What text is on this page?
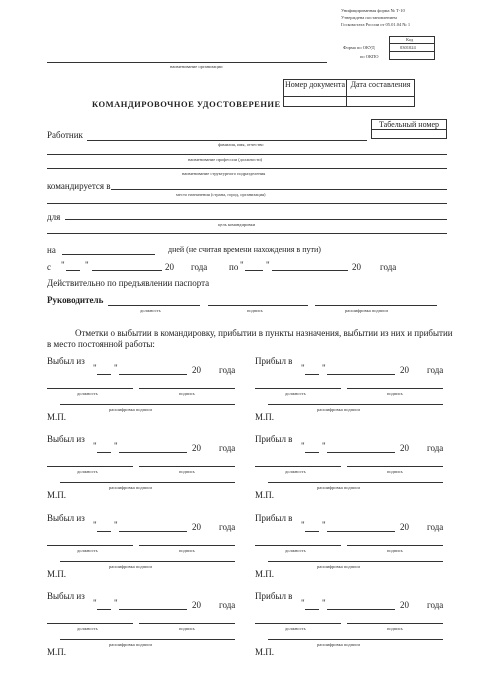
Унифицированная форма № Т-10
Утверждена постановлением
Госкомстата России от 05.01.04 № 1
Код
Форма по ОКУД	0301024
по ОКПО
наименование организации
Номер документа Дата составления
КОМАНДИРОВОЧНОЕ УДОСТОВЕРЕНИЕ
Табельный номер
Работник
фамилия, имя, отчество
наименование профессии (должности)
наименование структурного подразделения
командируется в
место назначения (страна, город, организация)
для
цель командировки
на	дней (не считая времени нахождения в пути)
с " "	20 года по " "	20 года
Действительно по предъявлении паспорта
Руководитель
должность	подпись	расшифровка подписи
Отметки о выбытии в командировку, прибытии в пункты назначения, выбытии из них и прибытии в место постоянной работы:
Выбыл из
" "	20 года
должность	подпись
расшифровка подписи
М.П.
Прибыл в
" "	20 года
должность	подпись
расшифровка подписи
М.П.
Выбыл из
" "	20 года
должность	подпись
расшифровка подписи
М.П.
Прибыл в
" "	20 года
должность	подпись
расшифровка подписи
М.П.
Выбыл из
" "	20 года
должность	подпись
расшифровка подписи
М.П.
Прибыл в
" "	20 года
должность	подпись
расшифровка подписи
М.П.
Выбыл из
" "	20 года
должность	подпись
расшифровка подписи
М.П.
Прибыл в
" "	20 года
должность	подпись
расшифровка подписи
М.П.
